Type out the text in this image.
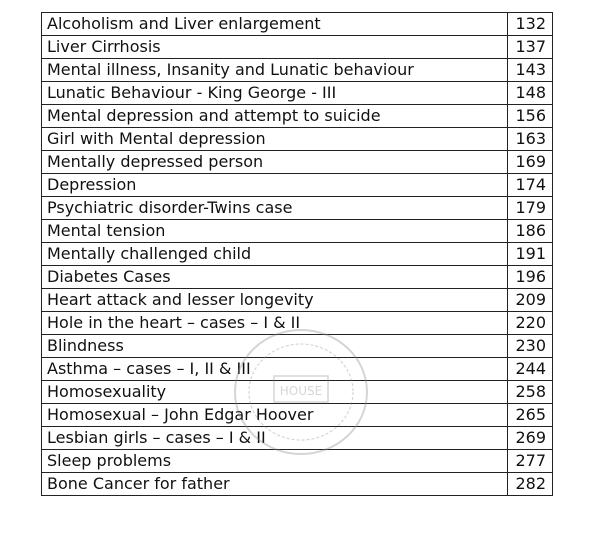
Alcoholism and Liver enlargement	132
Liver Cirrhosis	137
Mental illness, Insanity and Lunatic behaviour	143
Lunatic Behaviour - King George - III	148
Mental depression and attempt to suicide	156
Girl with Mental depression	163
Mentally depressed person	169
Depression	174
Psychiatric disorder-Twins case	179
Mental tension	186
Mentally challenged child	191
Diabetes Cases	196
Heart attack and lesser longevity	209
Hole in the heart – cases – I & II	220
Blindness	230
Asthma – cases – I, II & III	244
Homosexuality	258
Homosexual – John Edgar Hoover	265
Lesbian girls – cases – I & II	269
Sleep problems	277
Bone Cancer for father	282
HOUSE
